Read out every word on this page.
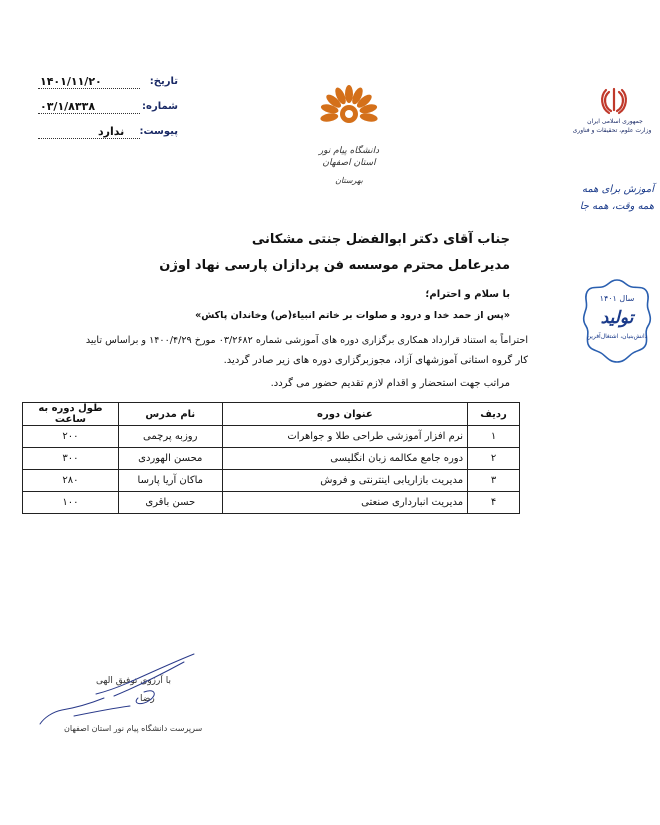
تاریخ:
۱۴۰۱/۱۱/۲۰
شماره:
۰۳/۱/۸۳۳۸
پیوست:
ندارد
دانشگاه پیام نور
استان اصفهان
بهرستان
جمهوری اسلامی ایران
وزارت علوم، تحقیقات و فناوری
آموزش برای همه
همه وقت، همه جا
سال ۱۴۰۱
تولید
دانش‌بنیان، اشتغال‌آفرین
جناب آقای دکتر ابوالفضل جنتی مشکانی
مدیرعامل محترم موسسه فن پردازان پارسی نهاد اوژن
با سلام و احترام؛
«پس از حمد خدا و درود و صلوات بر خاتم انبیاء(ص) وخاندان پاکش»
احتراماً به استناد قرارداد همکاری برگزاری دوره های آموزشی شماره ۰۳/۲۶۸۲ مورخ ۱۴۰۰/۴/۲۹ و براساس تایید
کار گروه استانی آموزشهای آزاد، مجوزبرگزاری دوره های زیر صادر گردید.
مراتب جهت استحضار و اقدام لازم تقدیم حضور می گردد.
ردیف	عنوان دوره	نام مدرس	طول دوره به ساعت
۱	نرم افزار آموزشی طراحی طلا و جواهرات	روزبه پرچمی	۲۰۰
۲	دوره جامع مکالمه زبان انگلیسی	محسن الهوردی	۳۰۰
۳	مدیریت بازاریابی اینترنتی و فروش	ماکان آریا پارسا	۲۸۰
۴	مدیریت انبارداری صنعتی	حسن باقری	۱۰۰
با آرزوی توفیق الهی
رضا
سرپرست دانشگاه پیام نور استان اصفهان
